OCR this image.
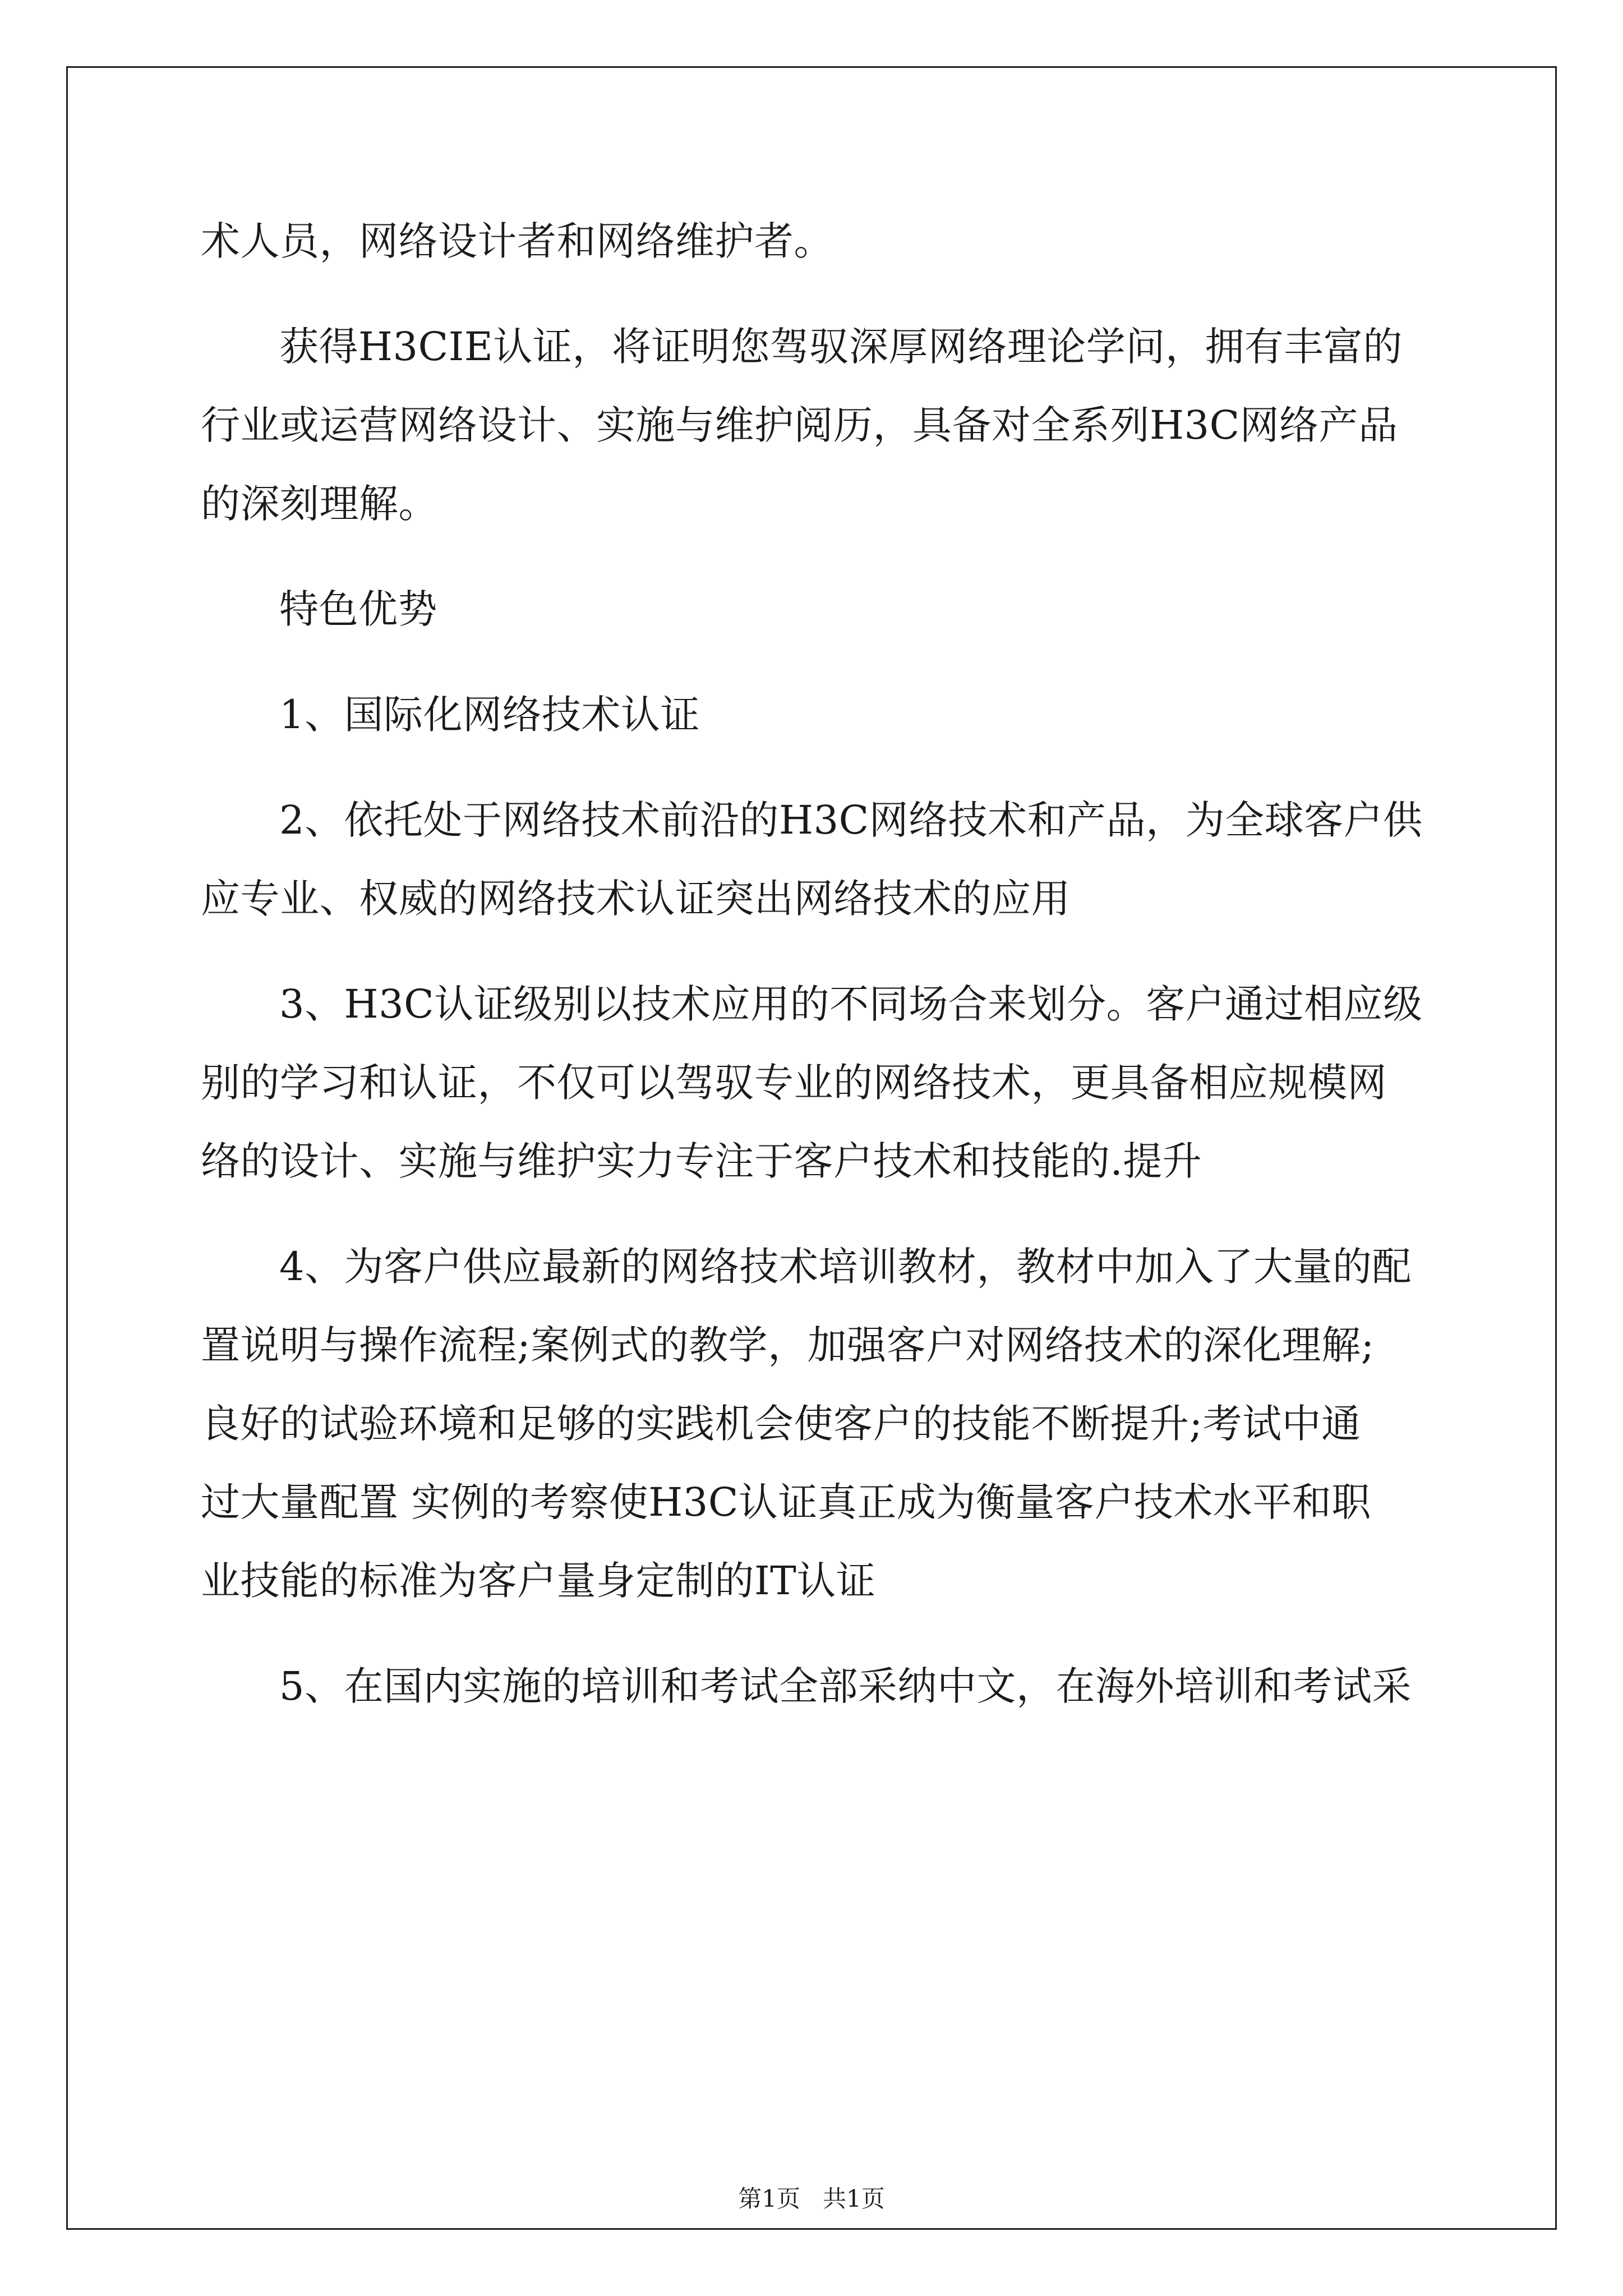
术人员，网络设计者和网络维护者。

获得H3CIE认证，将证明您驾驭深厚网络理论学问，拥有丰富的

行业或运营网络设计、实施与维护阅历，具备对全系列H3C网络产品

的深刻理解。

特色优势

1、国际化网络技术认证

2、依托处于网络技术前沿的H3C网络技术和产品，为全球客户供

应专业、权威的网络技术认证突出网络技术的应用

3、H3C认证级别以技术应用的不同场合来划分。客户通过相应级

别的学习和认证，不仅可以驾驭专业的网络技术，更具备相应规模网

络的设计、实施与维护实力专注于客户技术和技能的.提升

4、为客户供应最新的网络技术培训教材，教材中加入了大量的配

置说明与操作流程;案例式的教学，加强客户对网络技术的深化理解;

良好的试验环境和足够的实践机会使客户的技能不断提升;考试中通

过大量配置 实例的考察使H3C认证真正成为衡量客户技术水平和职

业技能的标准为客户量身定制的IT认证

5、在国内实施的培训和考试全部采纳中文，在海外培训和考试采

第1页 共1页
